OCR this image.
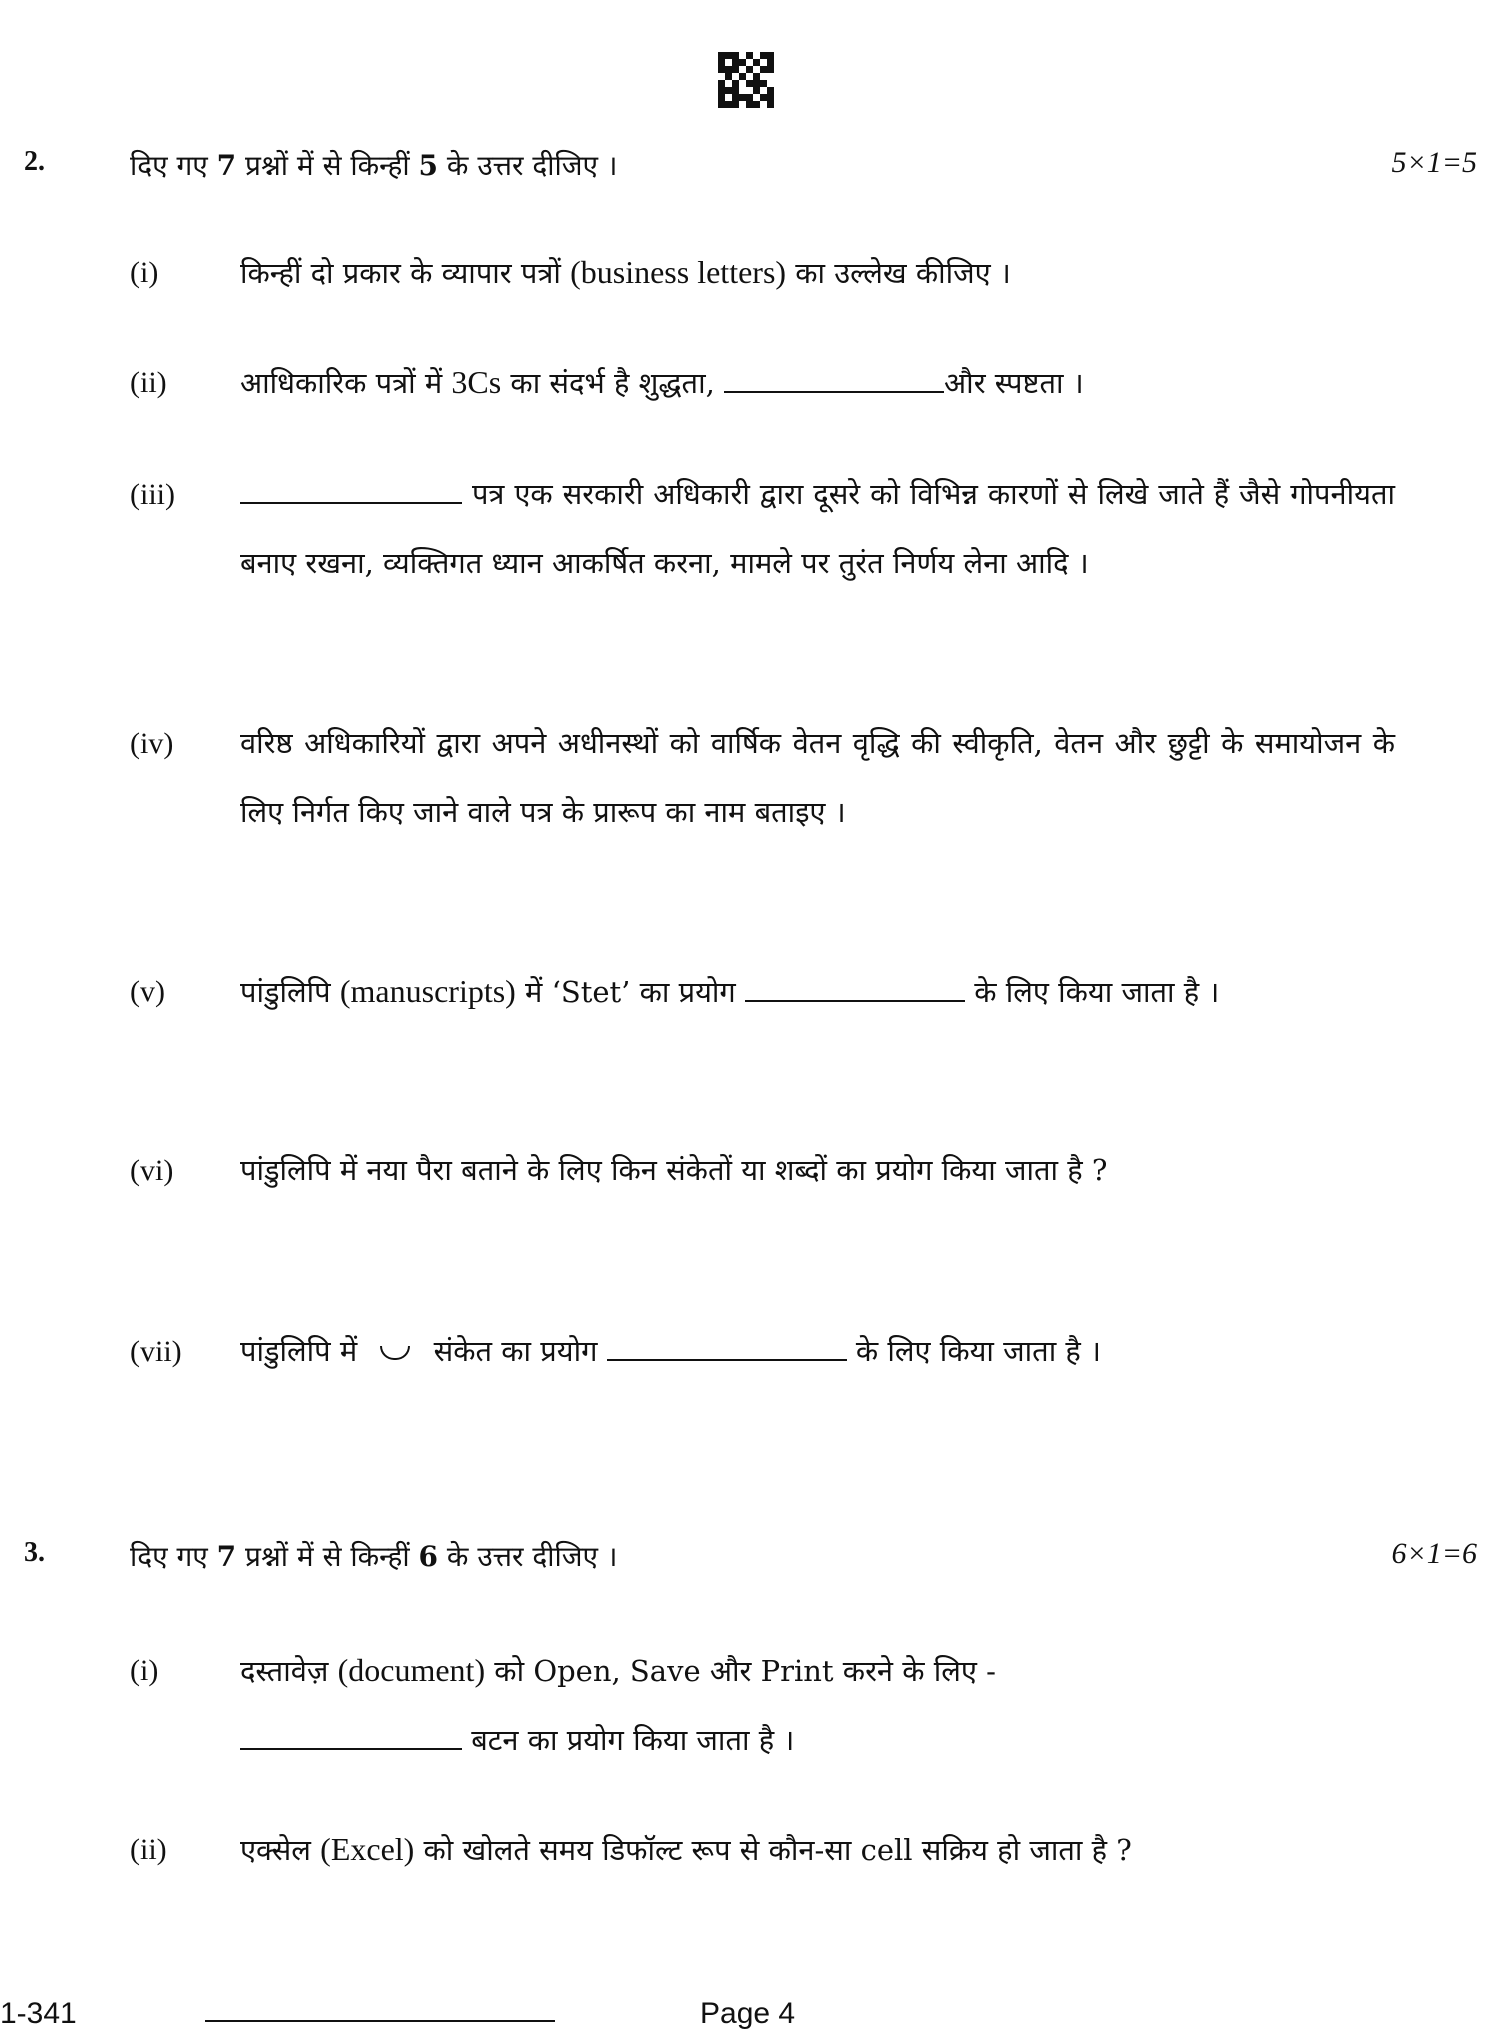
2.	दिए गए 7 प्रश्नों में से किन्हीं 5 के उत्तर दीजिए ।	5×1=5
(i)	किन्हीं दो प्रकार के व्यापार पत्रों (business letters) का उल्लेख कीजिए ।
(ii)	आधिकारिक पत्रों में 3Cs का संदर्भ है शुद्धता,	और स्पष्टता ।
(iii)	पत्र एक सरकारी अधिकारी द्वारा दूसरे को विभिन्न कारणों से लिखे जाते हैं जैसे गोपनीयता बनाए रखना, व्यक्तिगत ध्यान आकर्षित करना, मामले पर तुरंत निर्णय लेना आदि ।
(iv) वरिष्ठ अधिकारियों द्वारा अपने अधीनस्थों को वार्षिक वेतन वृद्धि की स्वीकृति, वेतन और छुट्टी के समायोजन के लिए निर्गत किए जाने वाले पत्र के प्रारूप का नाम बताइए ।
(v)	पांडुलिपि (manuscripts) में ‘Stet’ का प्रयोग	के लिए किया जाता है ।
(vi) पांडुलिपि में नया पैरा बताने के लिए किन संकेतों या शब्दों का प्रयोग किया जाता है ?
(vii) पांडुलिपि में  संकेत का प्रयोग	के लिए किया जाता है ।
3.	दिए गए 7 प्रश्नों में से किन्हीं 6 के उत्तर दीजिए ।	6×1=6
(i)	दस्तावेज़ (document) को Open, Save और Print करने के लिए -
बटन का प्रयोग किया जाता है ।
(ii)	एक्सेल (Excel) को खोलते समय डिफॉल्ट रूप से कौन-सा cell सक्रिय हो जाता है ?
1-341	Page 4
